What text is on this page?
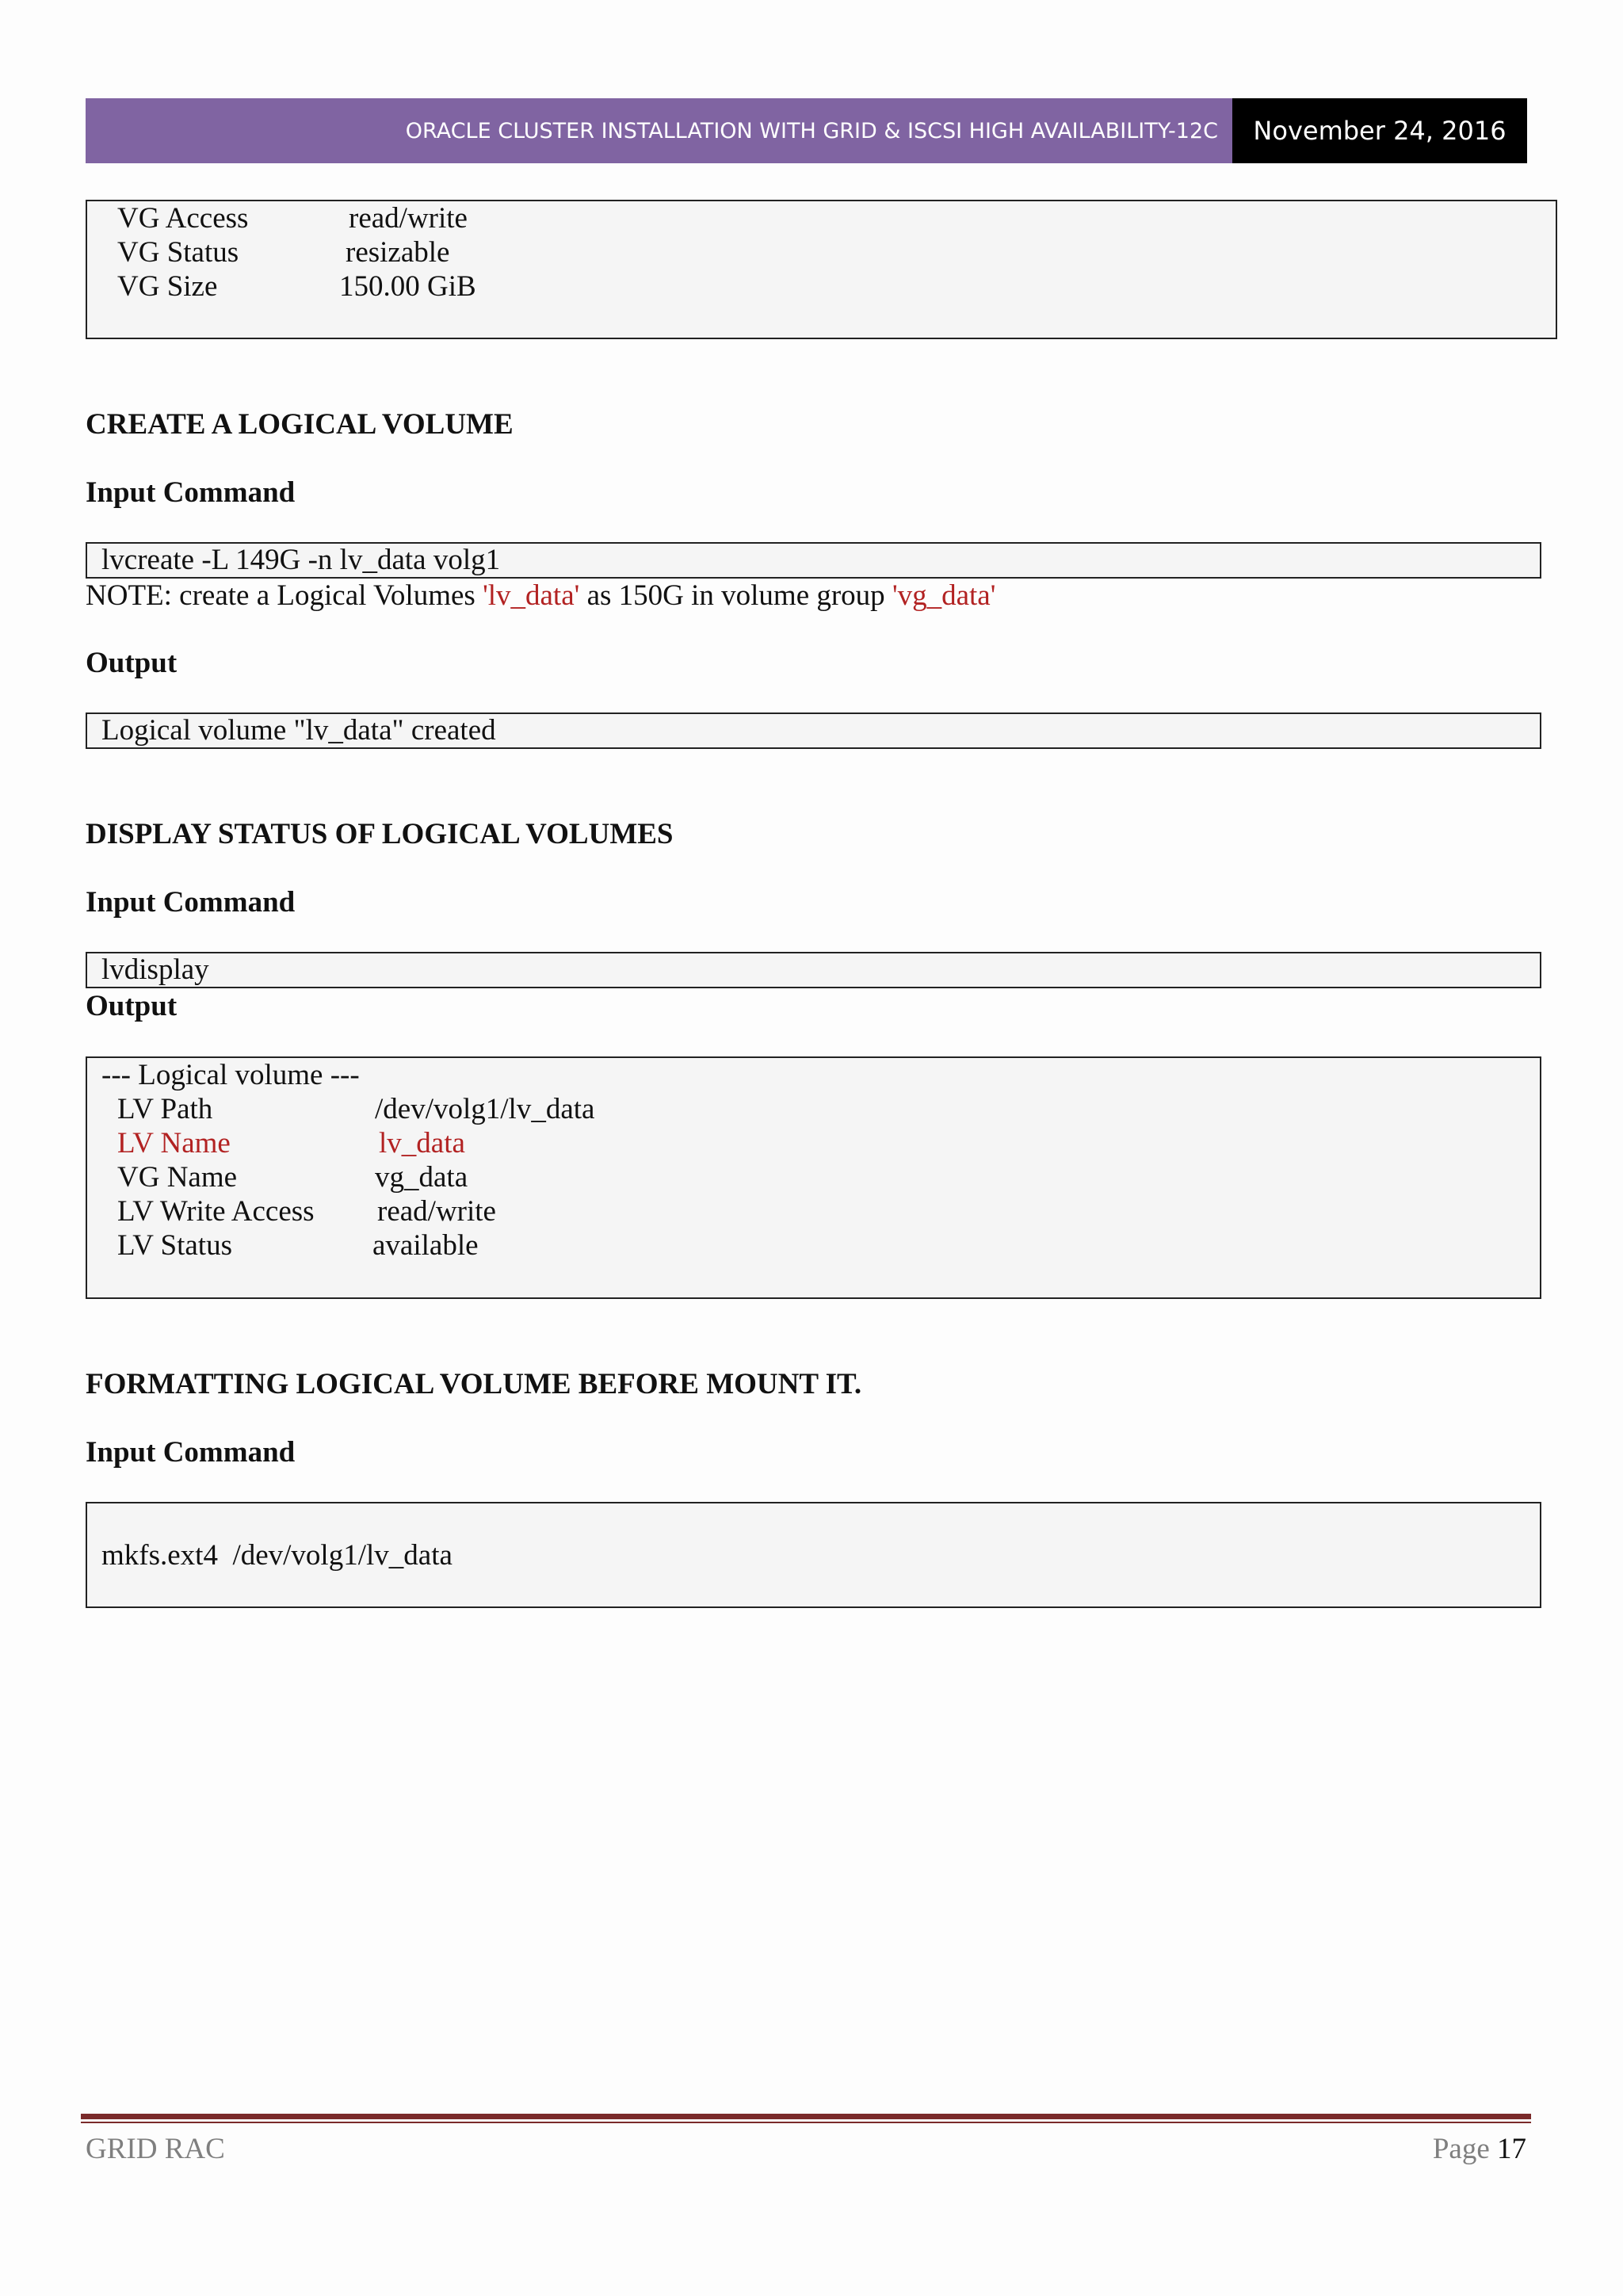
ORACLE CLUSTER INSTALLATION WITH GRID & ISCSI HIGH AVAILABILITY-12C	November 24, 2016
VG Access	read/write
VG Status	resizable
VG Size	150.00 GiB
CREATE A LOGICAL VOLUME
Input Command
lvcreate -L 149G -n lv_data volg1
NOTE: create a Logical Volumes 'lv_data' as 150G in volume group 'vg_data'
Output
Logical volume "lv_data" created
DISPLAY STATUS OF LOGICAL VOLUMES
Input Command
lvdisplay
Output
--- Logical volume ---
LV Path	/dev/volg1/lv_data
LV Name	lv_data
VG Name	vg_data
LV Write Access	read/write
LV Status	available
FORMATTING LOGICAL VOLUME BEFORE MOUNT IT.
Input Command
mkfs.ext4  /dev/volg1/lv_data
GRID RAC	Page 17
